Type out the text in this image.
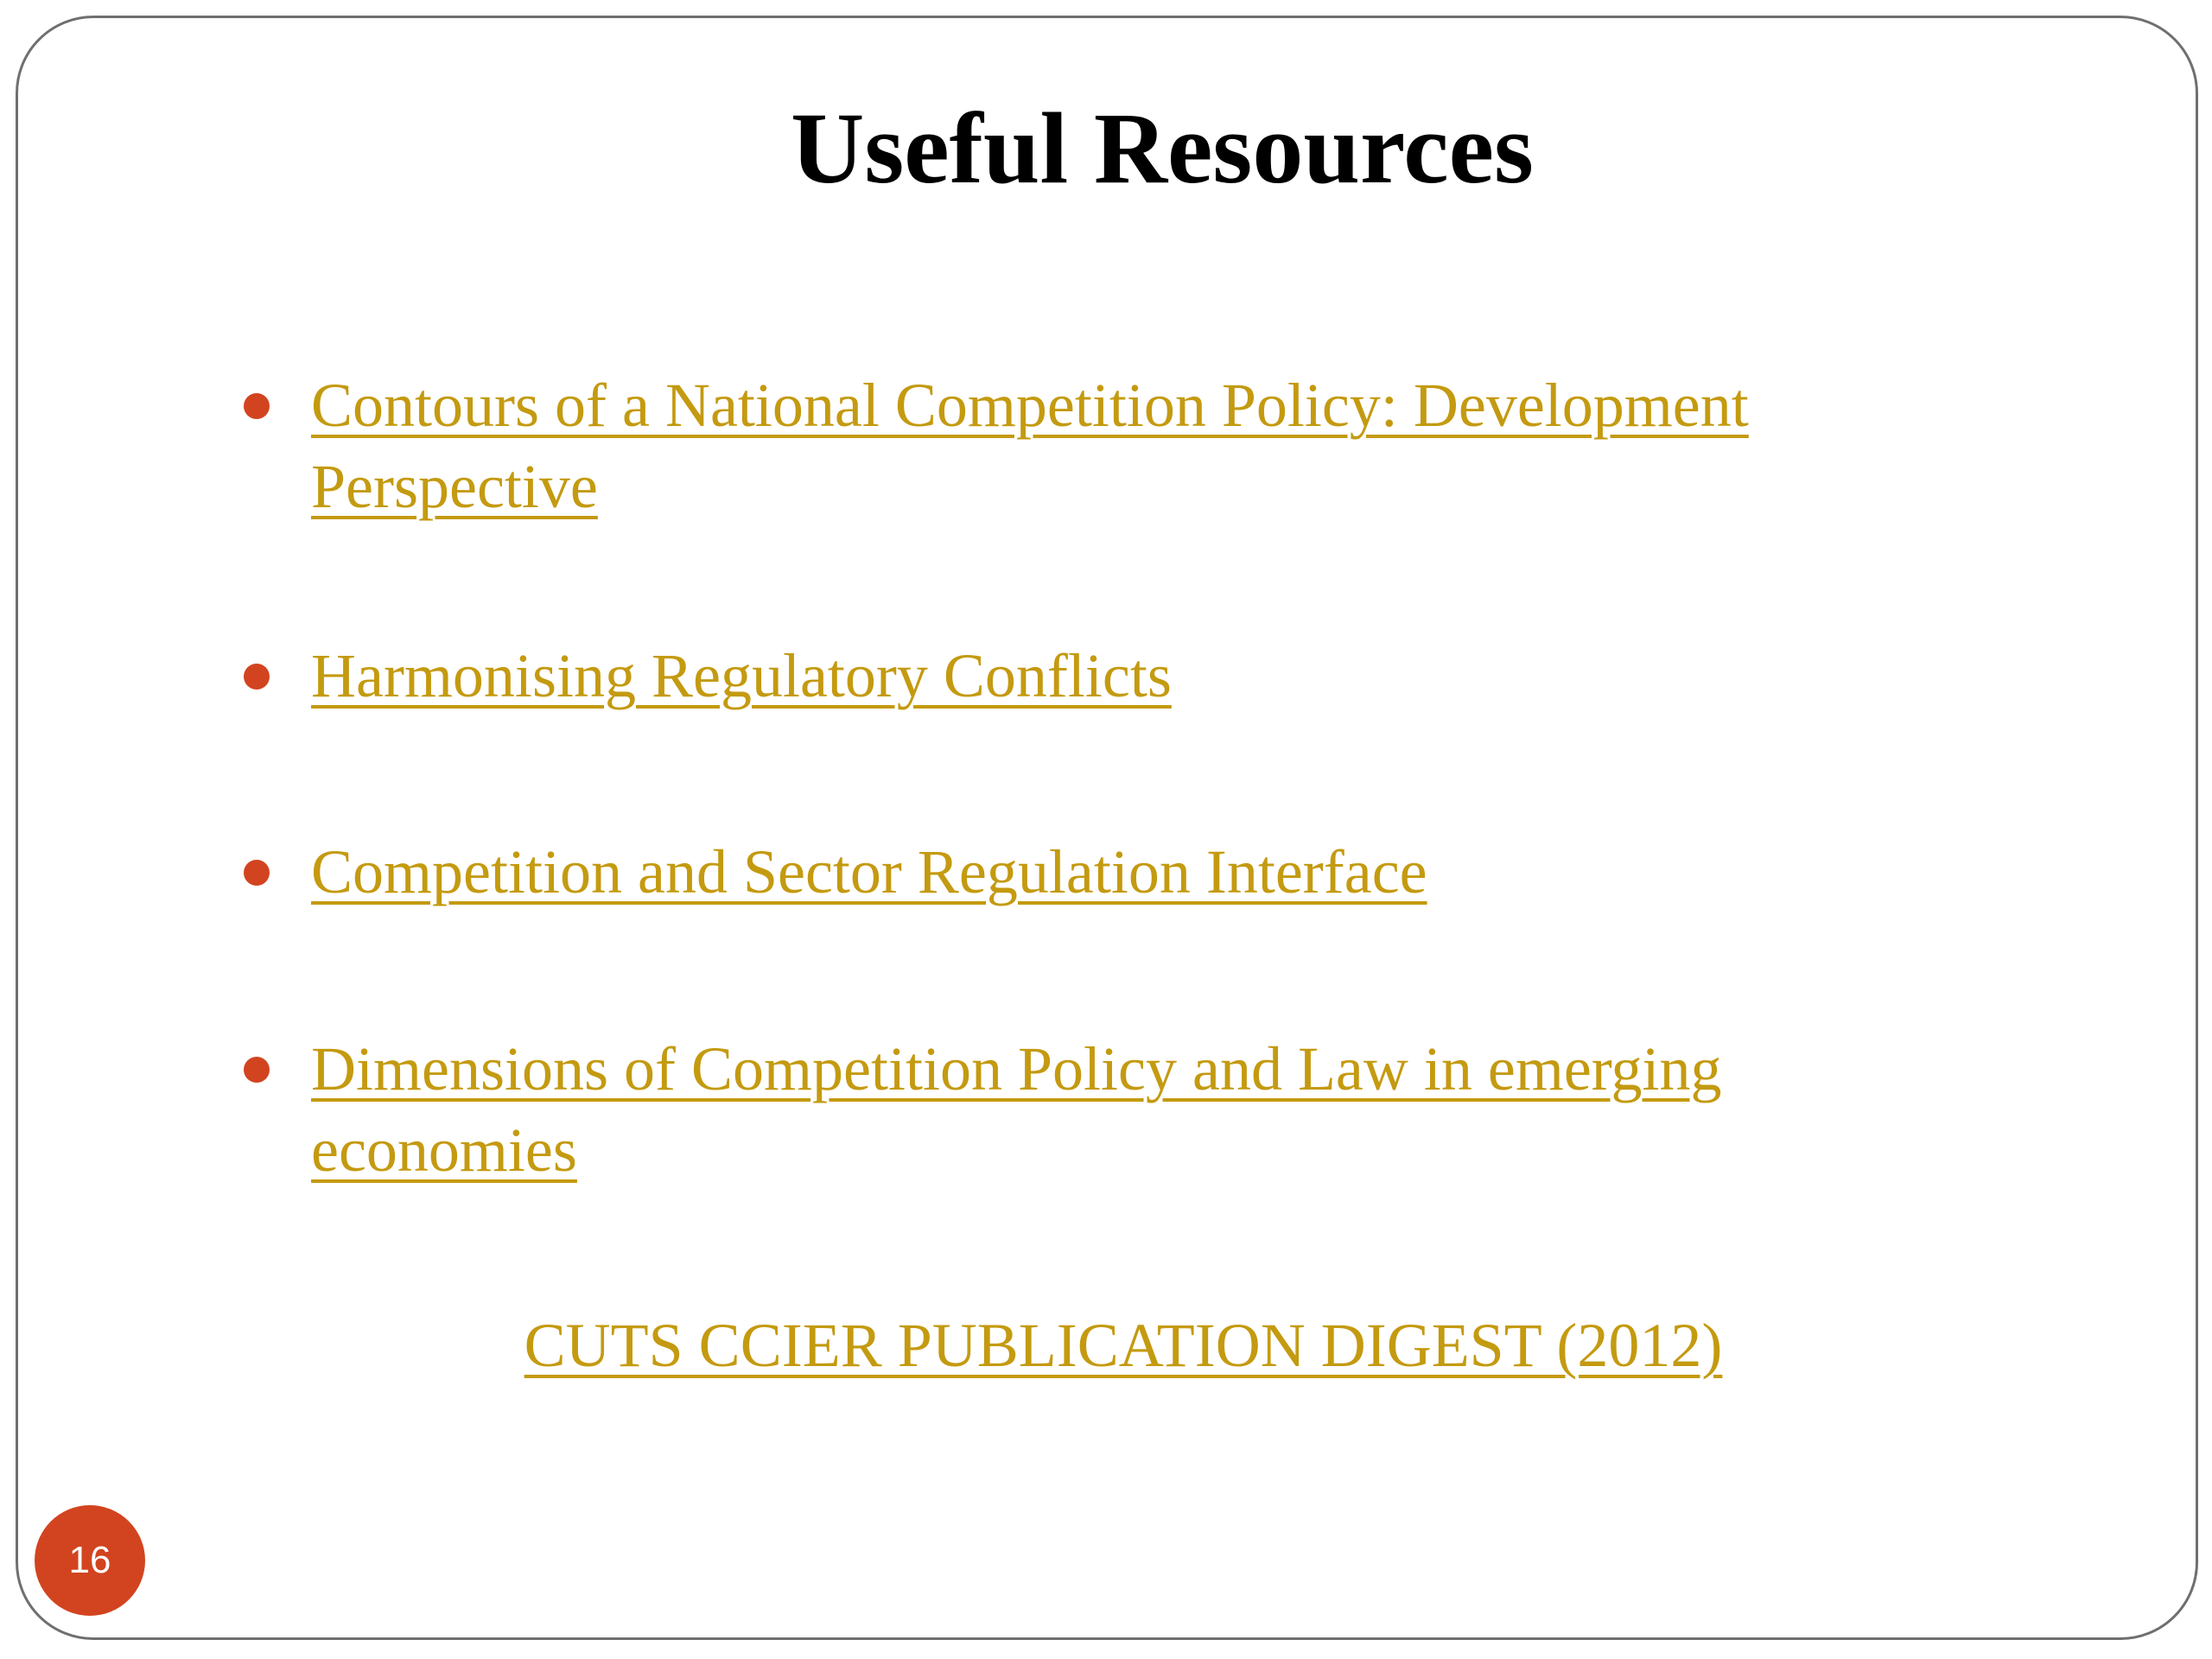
Useful Resources
Contours of a National Competition Policy: Development
Perspective
Harmonising Regulatory Conflicts
Competition and Sector Regulation Interface
Dimensions of Competition Policy and Law in emerging
economies
CUTS CCIER PUBLICATION DIGEST (2012)
16
